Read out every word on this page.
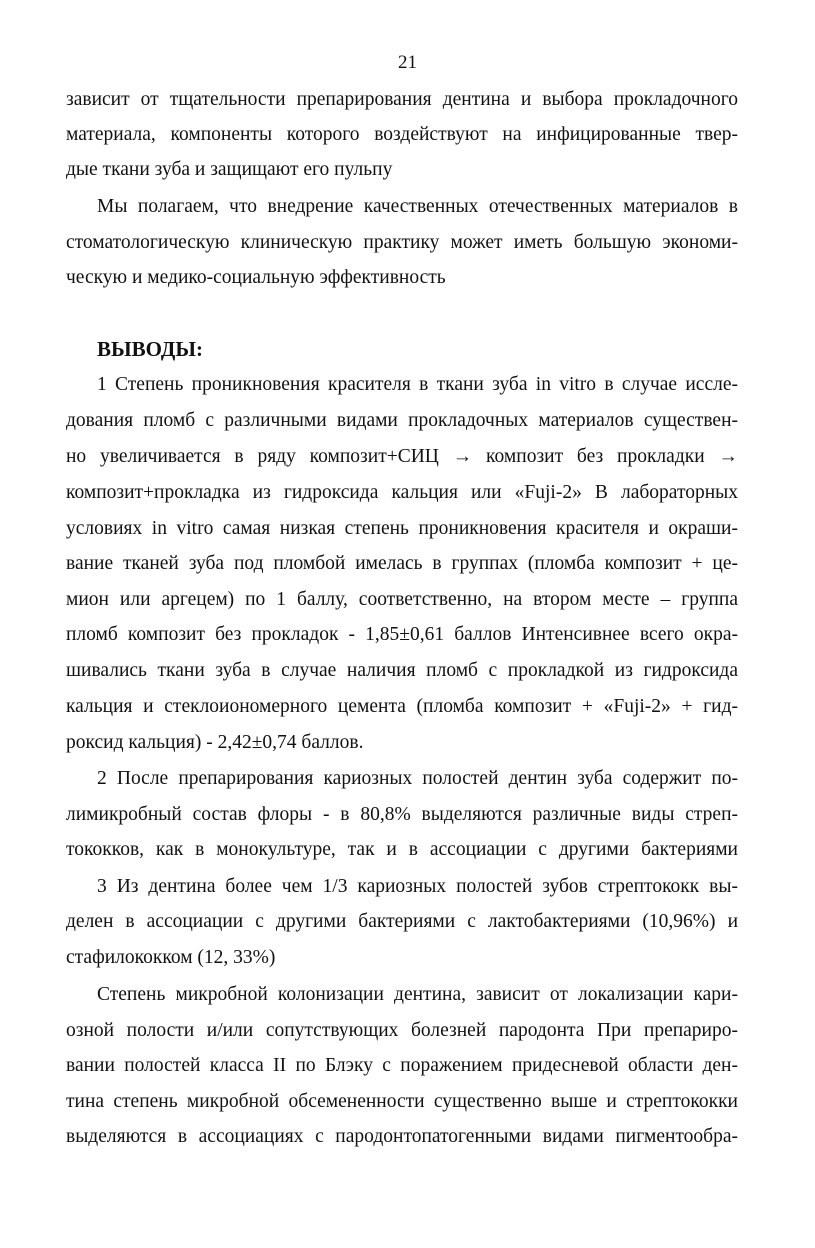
21
зависит от тщательности препарирования дентина и выбора прокладочного
материала, компоненты которого воздействуют на инфицированные твер-
дые ткани зуба и защищают его пульпу
Мы полагаем, что внедрение качественных отечественных материалов в
стоматологическую клиническую практику может иметь большую экономи-
ческую и медико-социальную эффективность
ВЫВОДЫ:
1 Степень проникновения красителя в ткани зуба in vitro в случае иссле-
дования пломб с различными видами прокладочных материалов существен-
но увеличивается в ряду композит+СИЦ → композит без прокладки →
композит+прокладка из гидроксида кальция или «Fuji-2» В лабораторных
условиях in vitro самая низкая степень проникновения красителя и окраши-
вание тканей зуба под пломбой имелась в группах (пломба композит + це-
мион или аргецем) по 1 баллу, соответственно, на втором месте – группа
пломб композит без прокладок - 1,85±0,61 баллов Интенсивнее всего окра-
шивались ткани зуба в случае наличия пломб с прокладкой из гидроксида
кальция и стеклоиономерного цемента (пломба композит + «Fuji-2» + гид-
роксид кальция) - 2,42±0,74 баллов.
2 После препарирования кариозных полостей дентин зуба содержит по-
лимикробный состав флоры - в 80,8% выделяются различные виды стреп-
тококков, как в монокультуре, так и в ассоциации с другими бактериями
3 Из дентина более чем 1/3 кариозных полостей зубов стрептококк вы-
делен в ассоциации с другими бактериями с лактобактериями (10,96%) и
стафилококком (12, 33%)
Степень микробной колонизации дентина, зависит от локализации кари-
озной полости и/или сопутствующих болезней пародонта При препариро-
вании полостей класса II по Блэку с поражением придесневой области ден-
тина степень микробной обсемененности существенно выше и стрептококки
выделяются в ассоциациях с пародонтопатогенными видами пигментообра-
